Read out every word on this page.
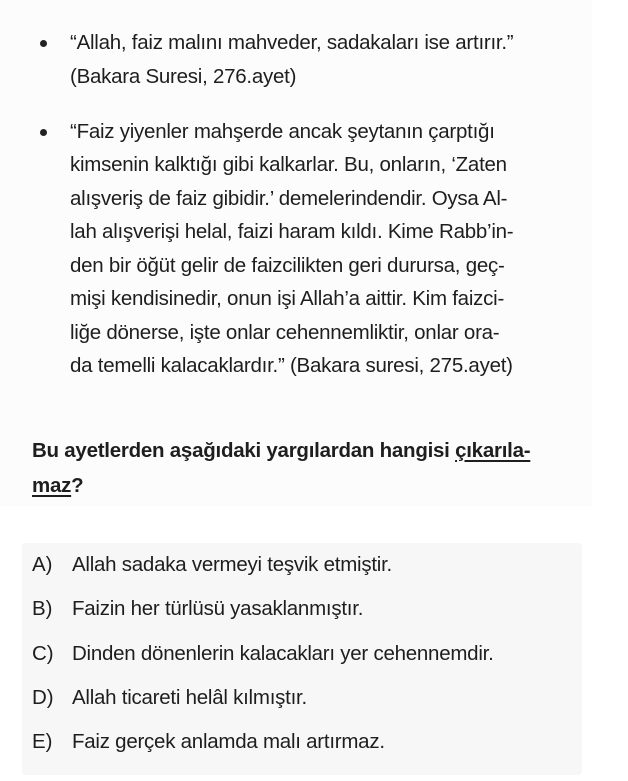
“Allah, faiz malını mahveder, sadakaları ise artırır.”
(Bakara Suresi, 276.ayet)
“Faiz yiyenler mahşerde ancak şeytanın çarptığı
kimsenin kalktığı gibi kalkarlar. Bu, onların, ‘Zaten
alışveriş de faiz gibidir.’ demelerindendir. Oysa Al-
lah alışverişi helal, faizi haram kıldı. Kime Rabb’in-
den bir öğüt gelir de faizcilikten geri durursa, geç-
mişi kendisinedir, onun işi Allah’a aittir. Kim faizci-
liğe dönerse, işte onlar cehennemliktir, onlar ora-
da temelli kalacaklardır.” (Bakara suresi, 275.ayet)
Bu ayetlerden aşağıdaki yargılardan hangisi çıkarıla-
maz?
A) Allah sadaka vermeyi teşvik etmiştir.
B) Faizin her türlüsü yasaklanmıştır.
C) Dinden dönenlerin kalacakları yer cehennemdir.
D) Allah ticareti helâl kılmıştır.
E) Faiz gerçek anlamda malı artırmaz.
